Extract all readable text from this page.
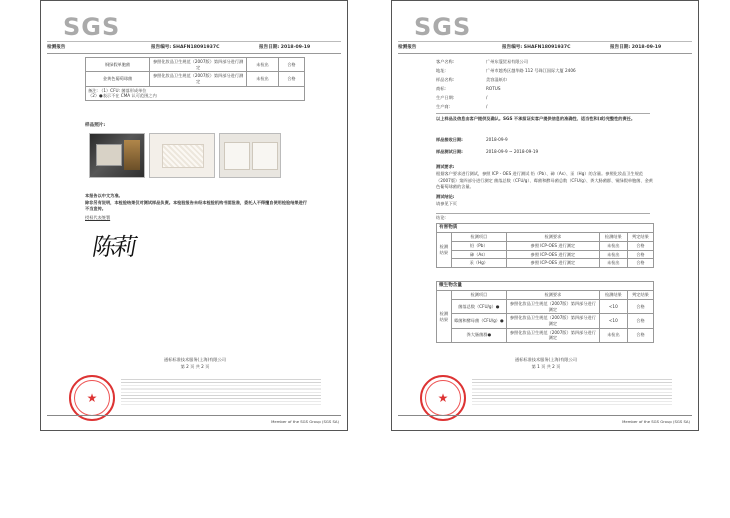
SGS
检测报告	报告编号: SHAFN18091937C	报告日期: 2018-09-19
铜绿假单胞菌	参照化妆品卫生规范（2007版）第四部分进行测定	未检出	合格
金黄色葡萄球菌	参照化妆品卫生规范（2007版）第四部分进行测定	未检出	合格
备注: （1）CFU: 菌落形成单位
（2）●表示不在 CMA 认可范围之内			
样品照片:
本报告以中文为准。
除非另有说明，本检验结果仅对测试样品负责。本检验报告未经本检验机构书面批准，委托人不得擅自使用检验结果进行不当宣传。
授权代表签署
陈莉
通标标准技术服务(上海)有限公司
第 2 页 共 2 页
★
Member of the SGS Group (SGS SA)
SGS
检测报告	报告编号: SHAFN18091937C	报告日期: 2018-09-19
客户名称:	广州东蔻贸易有限公司
地址:	广州市越秀区越华路 112 号珠江国际大厦 2406
样品名称:	美容湿纸巾
商标:	ROTUS
生产日期:	/
生产商:	/
以上样品及信息由客户提供及确认。SGS 不承担证实客户提供信息的准确性、适当性和(或)完整性的责任。
样品接收日期:	2018-09-9
样品测试日期:	2018-09-9 ~ 2018-09-19
测试要求:
根据客户要求进行测试，参照 ICP - OES 进行测试 铅（Pb）、砷（As）、汞（Hg）的含量。参照化妆品卫生规范（2007版）第四部分进行测定 菌落总数（CFU/g）、霉菌和酵母菌总数（CFU/g）、粪大肠菌群、铜绿假单胞菌、金黄色葡萄球菌的含量。
测试结论:
请参见下页
结论:
有害物质				
检测结果	检测项目	检测要求	检测结果	判定结果
	铅（Pb）	参照 ICP-OES 进行测定	未检出	合格
	砷（As）	参照 ICP-OES 进行测定	未检出	合格
	汞（Hg）	参照 ICP-OES 进行测定	未检出	合格
微生物含量				
检测结果	检测项目	检测要求	检测结果	判定结果
	菌落总数（CFU/g）●	参照化妆品卫生规范（2007版）第四部分进行测定	<10	合格
	霉菌和酵母菌（CFU/g）●	参照化妆品卫生规范（2007版）第四部分进行测定	<10	合格
	粪大肠菌群●	参照化妆品卫生规范（2007版）第四部分进行测定	未检出	合格
通标标准技术服务(上海)有限公司
第 1 页 共 2 页
★
Member of the SGS Group (SGS SA)
